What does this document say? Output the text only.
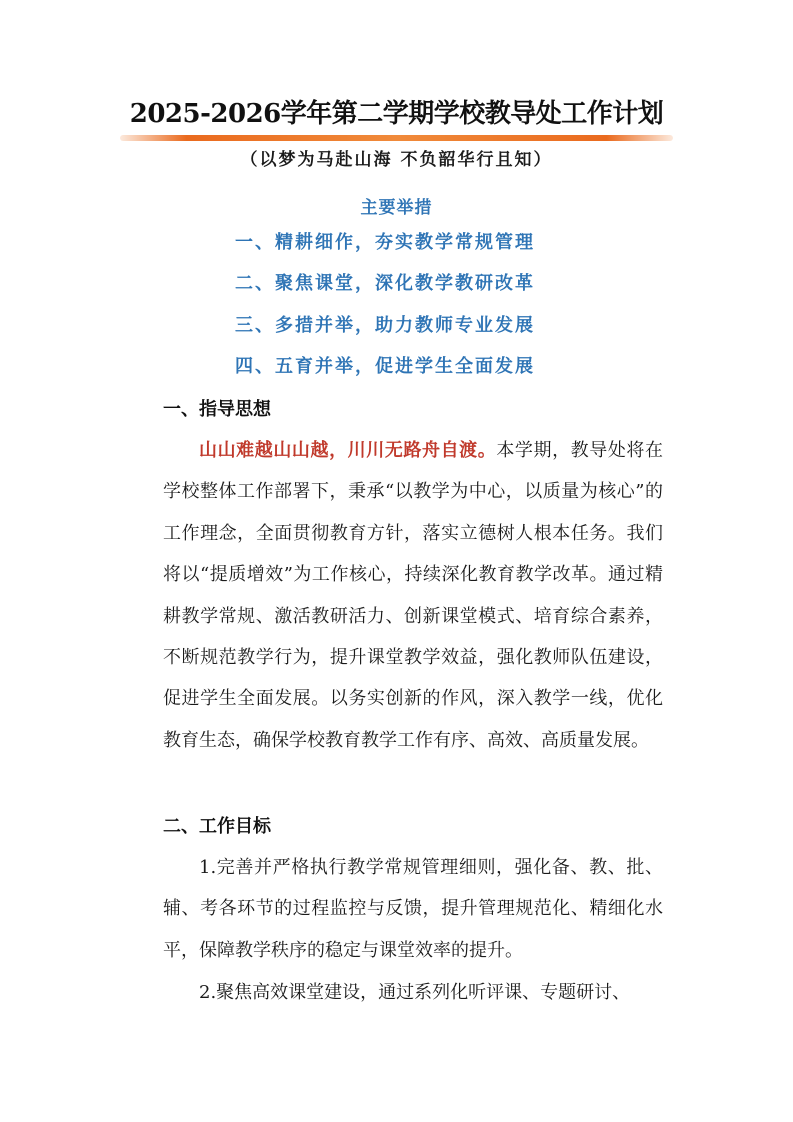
2025-2026学年第二学期学校教导处工作计划
（以梦为马赴山海 不负韶华行且知）
主要举措
一、精耕细作，夯实教学常规管理
二、聚焦课堂，深化教学教研改革
三、多措并举，助力教师专业发展
四、五育并举，促进学生全面发展
一、指导思想

山山难越山山越，川川无路舟自渡。本学期，教导处将在学校整体工作部署下，秉承“以教学为中心，以质量为核心”的工作理念，全面贯彻教育方针，落实立德树人根本任务。我们将以“提质增效”为工作核心，持续深化教育教学改革。通过精耕教学常规、激活教研活力、创新课堂模式、培育综合素养，不断规范教学行为，提升课堂教学效益，强化教师队伍建设，促进学生全面发展。以务实创新的作风，深入教学一线，优化教育生态，确保学校教育教学工作有序、高效、高质量发展。

二、工作目标

1.完善并严格执行教学常规管理细则，强化备、教、批、辅、考各环节的过程监控与反馈，提升管理规范化、精细化水平，保障教学秩序的稳定与课堂效率的提升。

2.聚焦高效课堂建设，通过系列化听评课、专题研讨、
